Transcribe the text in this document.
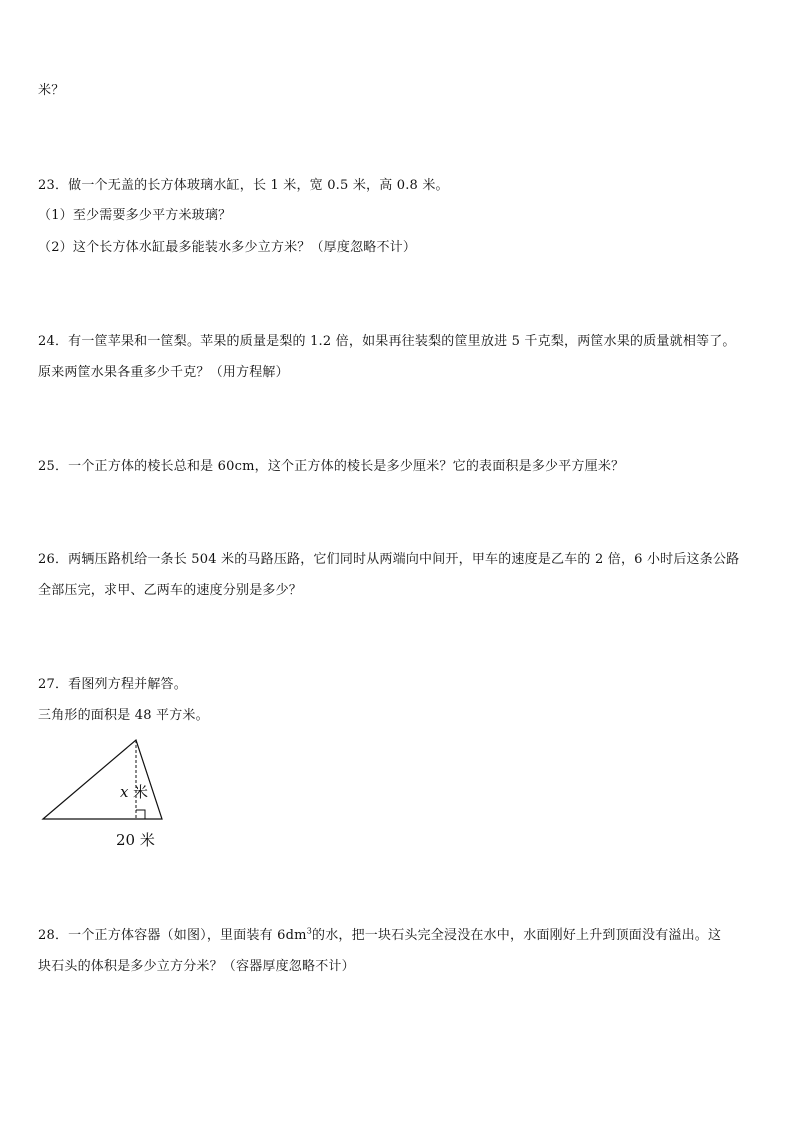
米？
23．做一个无盖的长方体玻璃水缸，长 1 米，宽 0.5 米，高 0.8 米。
（1）至少需要多少平方米玻璃？
（2）这个长方体水缸最多能装水多少立方米？（厚度忽略不计）
24．有一筐苹果和一筐梨。苹果的质量是梨的 1.2 倍，如果再往装梨的筐里放进 5 千克梨，两筐水果的质量就相等了。
原来两筐水果各重多少千克？（用方程解）
25．一个正方体的棱长总和是 60cm，这个正方体的棱长是多少厘米？它的表面积是多少平方厘米？
26．两辆压路机给一条长 504 米的马路压路，它们同时从两端向中间开，甲车的速度是乙车的 2 倍，6 小时后这条公路
全部压完，求甲、乙两车的速度分别是多少？
27．看图列方程并解答。
三角形的面积是 48 平方米。
x 米
20 米
28．一个正方体容器（如图），里面装有 $6dm^3$的水，把一块石头完全浸没在水中，水面刚好上升到顶面没有溢出。这
块石头的体积是多少立方分米？（容器厚度忽略不计）
